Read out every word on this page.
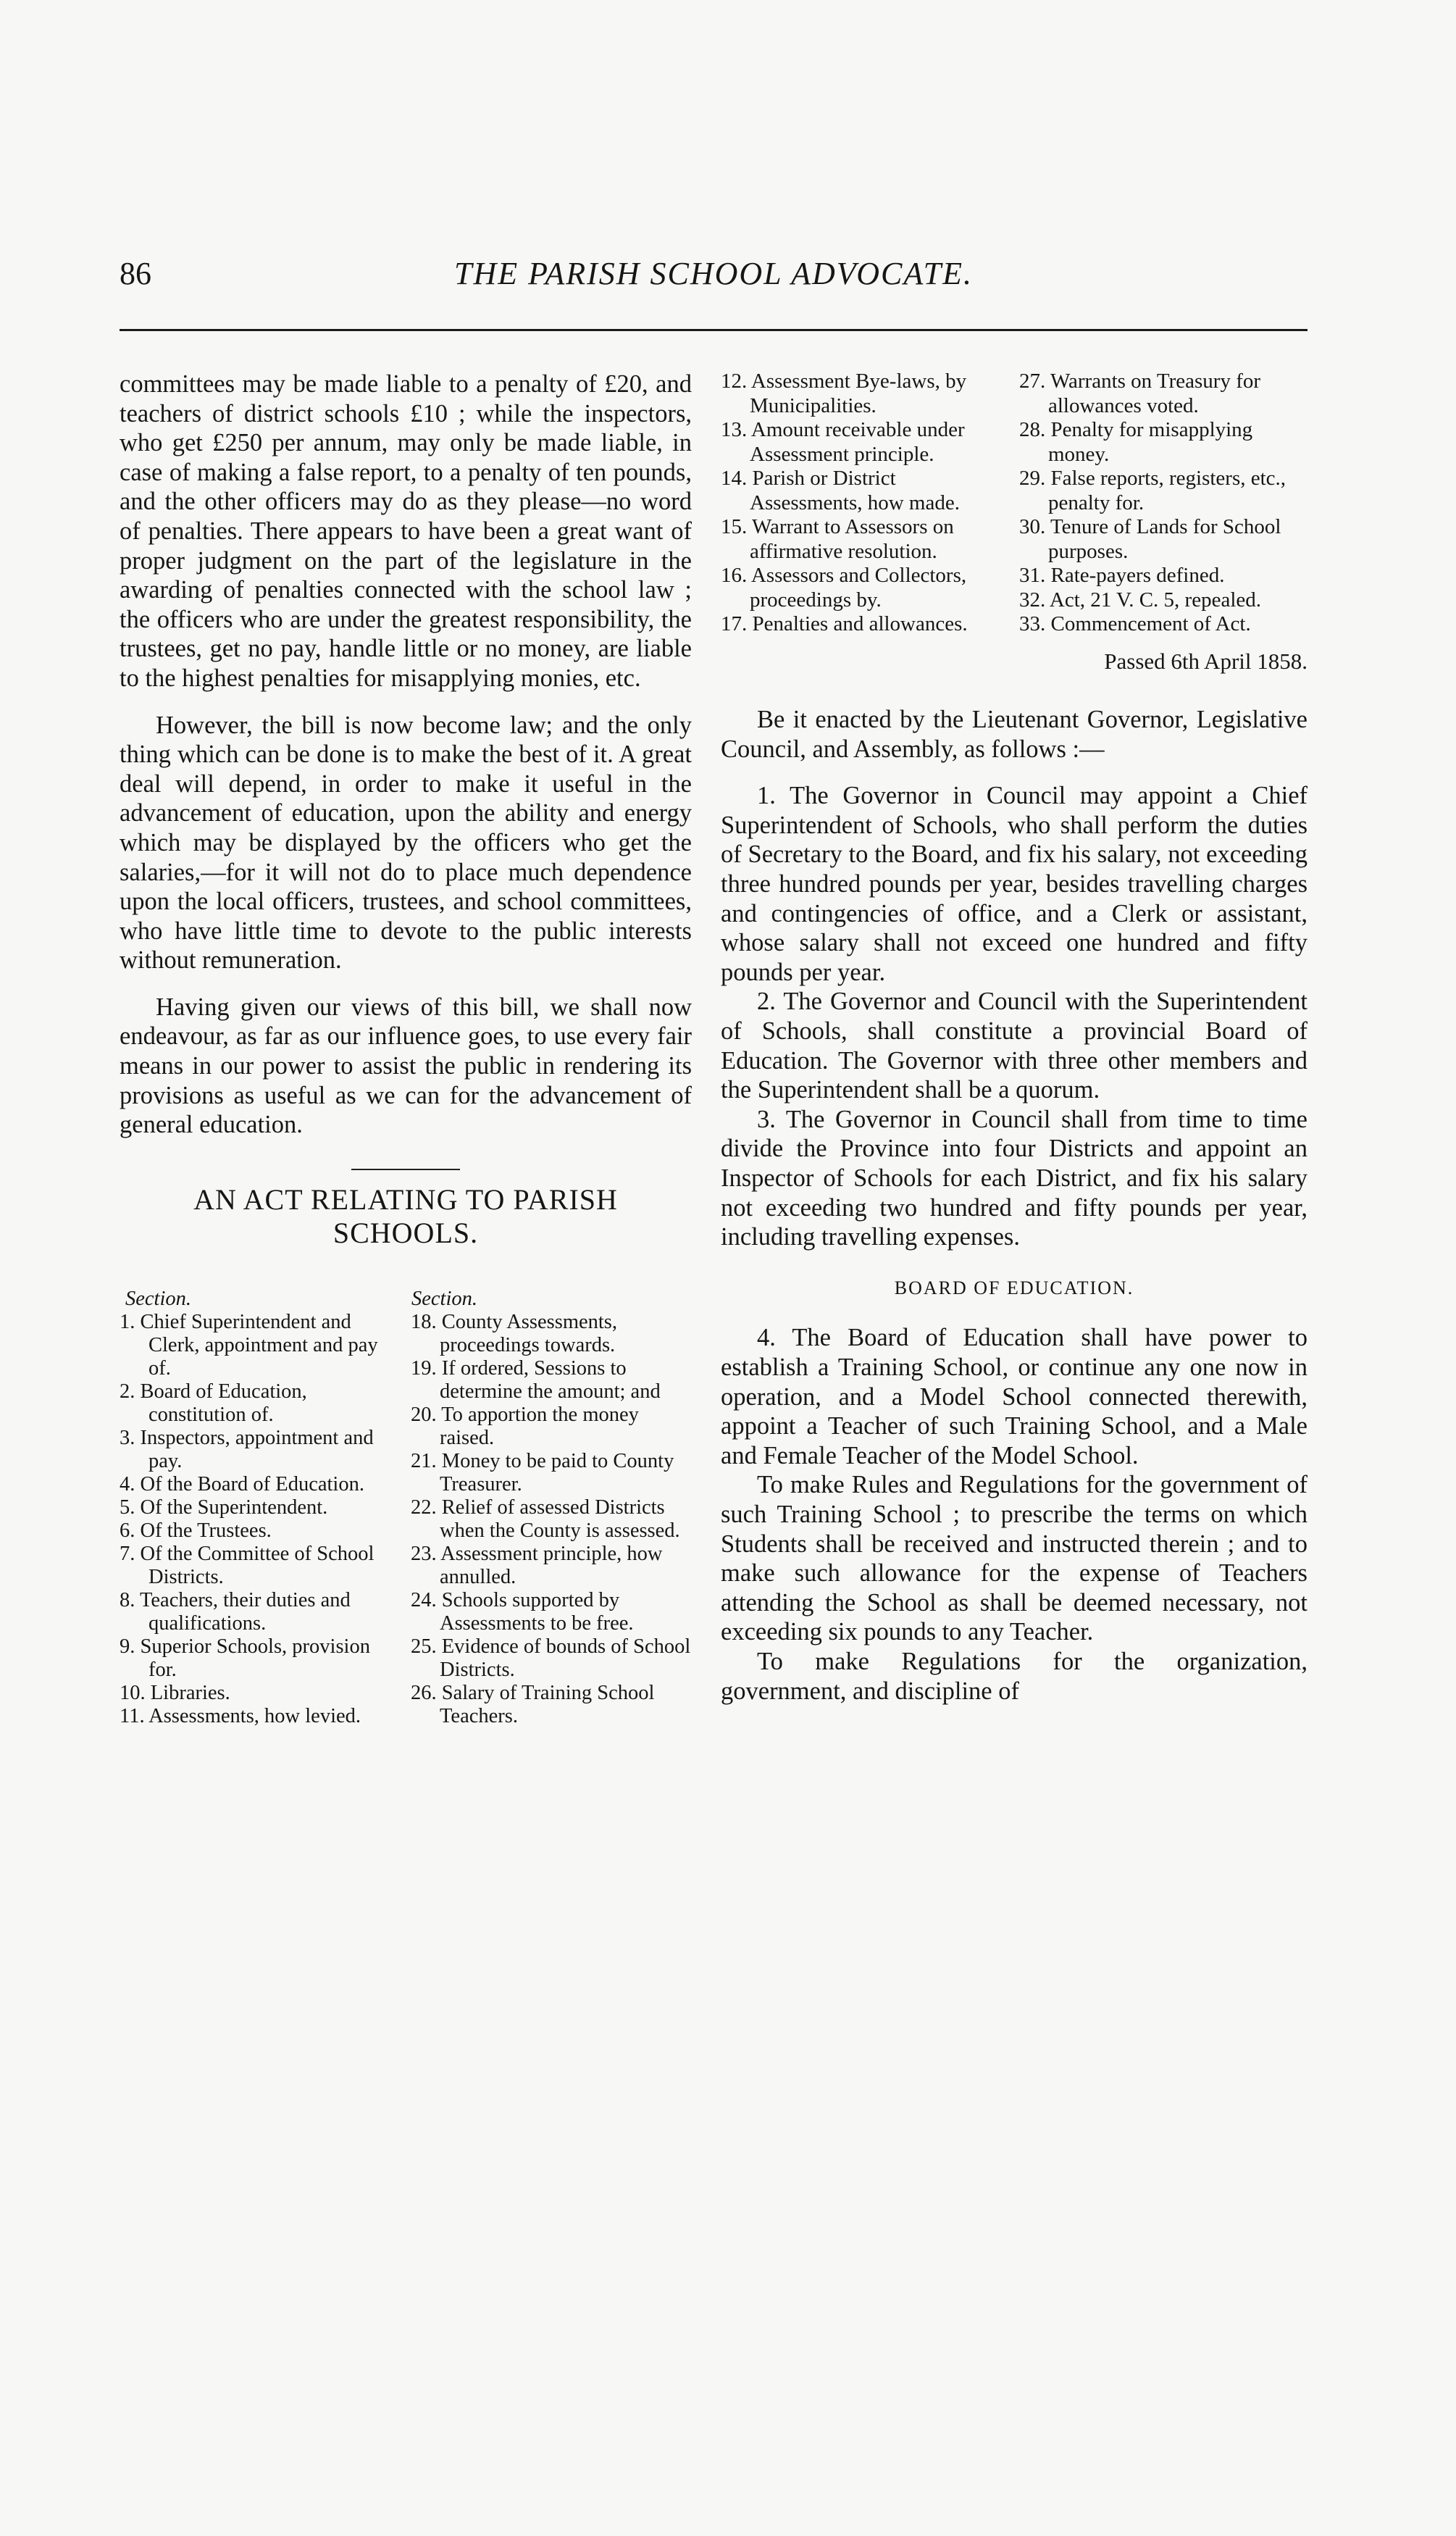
86	THE PARISH SCHOOL ADVOCATE.

committees may be made liable to a penalty of £20, and teachers of district schools £10 ; while the inspectors, who get £250 per annum, may only be made liable, in case of making a false report, to a penalty of ten pounds, and the other officers may do as they please—no word of penalties. There appears to have been a great want of proper judgment on the part of the legislature in the awarding of penalties connected with the school law ; the officers who are under the greatest responsibility, the trustees, get no pay, handle little or no money, are liable to the highest penalties for misapplying monies, etc.

However, the bill is now become law; and the only thing which can be done is to make the best of it. A great deal will depend, in order to make it useful in the advancement of education, upon the ability and energy which may be displayed by the officers who get the salaries,—for it will not do to place much dependence upon the local officers, trustees, and school committees, who have little time to devote to the public interests without remuneration.

Having given our views of this bill, we shall now endeavour, as far as our influence goes, to use every fair means in our power to assist the public in rendering its provisions as useful as we can for the advancement of general education.

AN ACT RELATING TO PARISH
SCHOOLS.
Section.	Section.
1. Chief Superintendent and Clerk, appointment and pay of.
2. Board of Education, constitution of.
3. Inspectors, appointment and pay.
4. Of the Board of Education.
5. Of the Superintendent.
6. Of the Trustees.
7. Of the Committee of School Districts.
8. Teachers, their duties and qualifications.
9. Superior Schools, provision for.
10. Libraries.
11. Assessments, how levied.
18. County Assessments, proceedings towards.
19. If ordered, Sessions to determine the amount; and
20. To apportion the money raised.
21. Money to be paid to County Treasurer.
22. Relief of assessed Districts when the County is assessed.
23. Assessment principle, how annulled.
24. Schools supported by Assessments to be free.
25. Evidence of bounds of School Districts.
26. Salary of Training School Teachers.
12. Assessment Bye-laws, by Municipalities.
13. Amount receivable under Assessment principle.
14. Parish or District Assessments, how made.
15. Warrant to Assessors on affirmative resolution.
16. Assessors and Collectors, proceedings by.
17. Penalties and allowances.
27. Warrants on Treasury for allowances voted.
28. Penalty for misapplying money.
29. False reports, registers, etc., penalty for.
30. Tenure of Lands for School purposes.
31. Rate-payers defined.
32. Act, 21 V. C. 5, repealed.
33. Commencement of Act.
Passed 6th April 1858.

Be it enacted by the Lieutenant Governor, Legislative Council, and Assembly, as follows :—

1. The Governor in Council may appoint a Chief Superintendent of Schools, who shall perform the duties of Secretary to the Board, and fix his salary, not exceeding three hundred pounds per year, besides travelling charges and contingencies of office, and a Clerk or assistant, whose salary shall not exceed one hundred and fifty pounds per year.

2. The Governor and Council with the Superintendent of Schools, shall constitute a provincial Board of Education. The Governor with three other members and the Superintendent shall be a quorum.

3. The Governor in Council shall from time to time divide the Province into four Districts and appoint an Inspector of Schools for each District, and fix his salary not exceeding two hundred and fifty pounds per year, including travelling expenses.

BOARD OF EDUCATION.

4. The Board of Education shall have power to establish a Training School, or continue any one now in operation, and a Model School connected therewith, appoint a Teacher of such Training School, and a Male and Female Teacher of the Model School.

To make Rules and Regulations for the government of such Training School ; to prescribe the terms on which Students shall be received and instructed therein ; and to make such allowance for the expense of Teachers attending the School as shall be deemed necessary, not exceeding six pounds to any Teacher.

To make Regulations for the organization, government, and discipline of
